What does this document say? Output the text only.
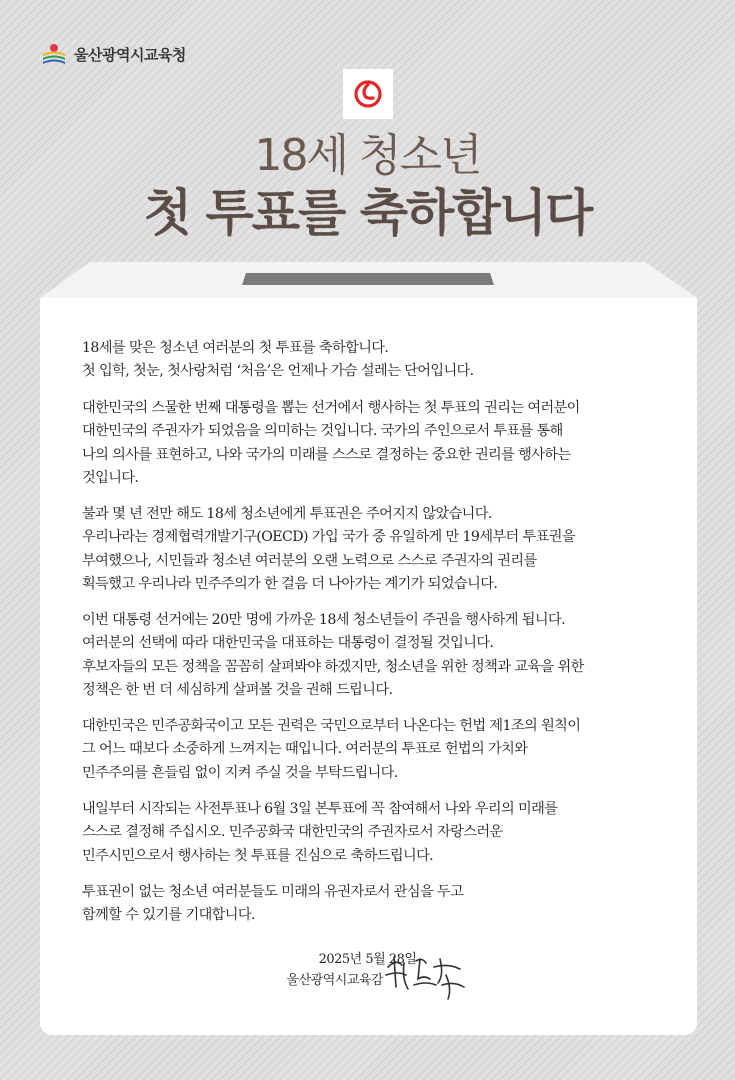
울산광역시교육청
18세 청소년
첫 투표를 축하합니다
18세를 맞은 청소년 여러분의 첫 투표를 축하합니다.
첫 입학, 첫눈, 첫사랑처럼 ‘처음’은 언제나 가슴 설레는 단어입니다.
대한민국의 스물한 번째 대통령을 뽑는 선거에서 행사하는 첫 투표의 권리는 여러분이
대한민국의 주권자가 되었음을 의미하는 것입니다. 국가의 주인으로서 투표를 통해
나의 의사를 표현하고, 나와 국가의 미래를 스스로 결정하는 중요한 권리를 행사하는
것입니다.
불과 몇 년 전만 해도 18세 청소년에게 투표권은 주어지지 않았습니다.
우리나라는 경제협력개발기구(OECD) 가입 국가 중 유일하게 만 19세부터 투표권을
부여했으나, 시민들과 청소년 여러분의 오랜 노력으로 스스로 주권자의 권리를
획득했고 우리나라 민주주의가 한 걸음 더 나아가는 계기가 되었습니다.
이번 대통령 선거에는 20만 명에 가까운 18세 청소년들이 주권을 행사하게 됩니다.
여러분의 선택에 따라 대한민국을 대표하는 대통령이 결정될 것입니다.
후보자들의 모든 정책을 꼼꼼히 살펴봐야 하겠지만, 청소년을 위한 정책과 교육을 위한
정책은 한 번 더 세심하게 살펴볼 것을 권해 드립니다.
대한민국은 민주공화국이고 모든 권력은 국민으로부터 나온다는 헌법 제1조의 원칙이
그 어느 때보다 소중하게 느껴지는 때입니다. 여러분의 투표로 헌법의 가치와
민주주의를 흔들림 없이 지켜 주실 것을 부탁드립니다.
내일부터 시작되는 사전투표나 6월 3일 본투표에 꼭 참여해서 나와 우리의 미래를
스스로 결정해 주십시오. 민주공화국 대한민국의 주권자로서 자랑스러운
민주시민으로서 행사하는 첫 투표를 진심으로 축하드립니다.
투표권이 없는 청소년 여러분들도 미래의 유권자로서 관심을 두고
함께할 수 있기를 기대합니다.
2025년 5월 28일
울산광역시교육감
